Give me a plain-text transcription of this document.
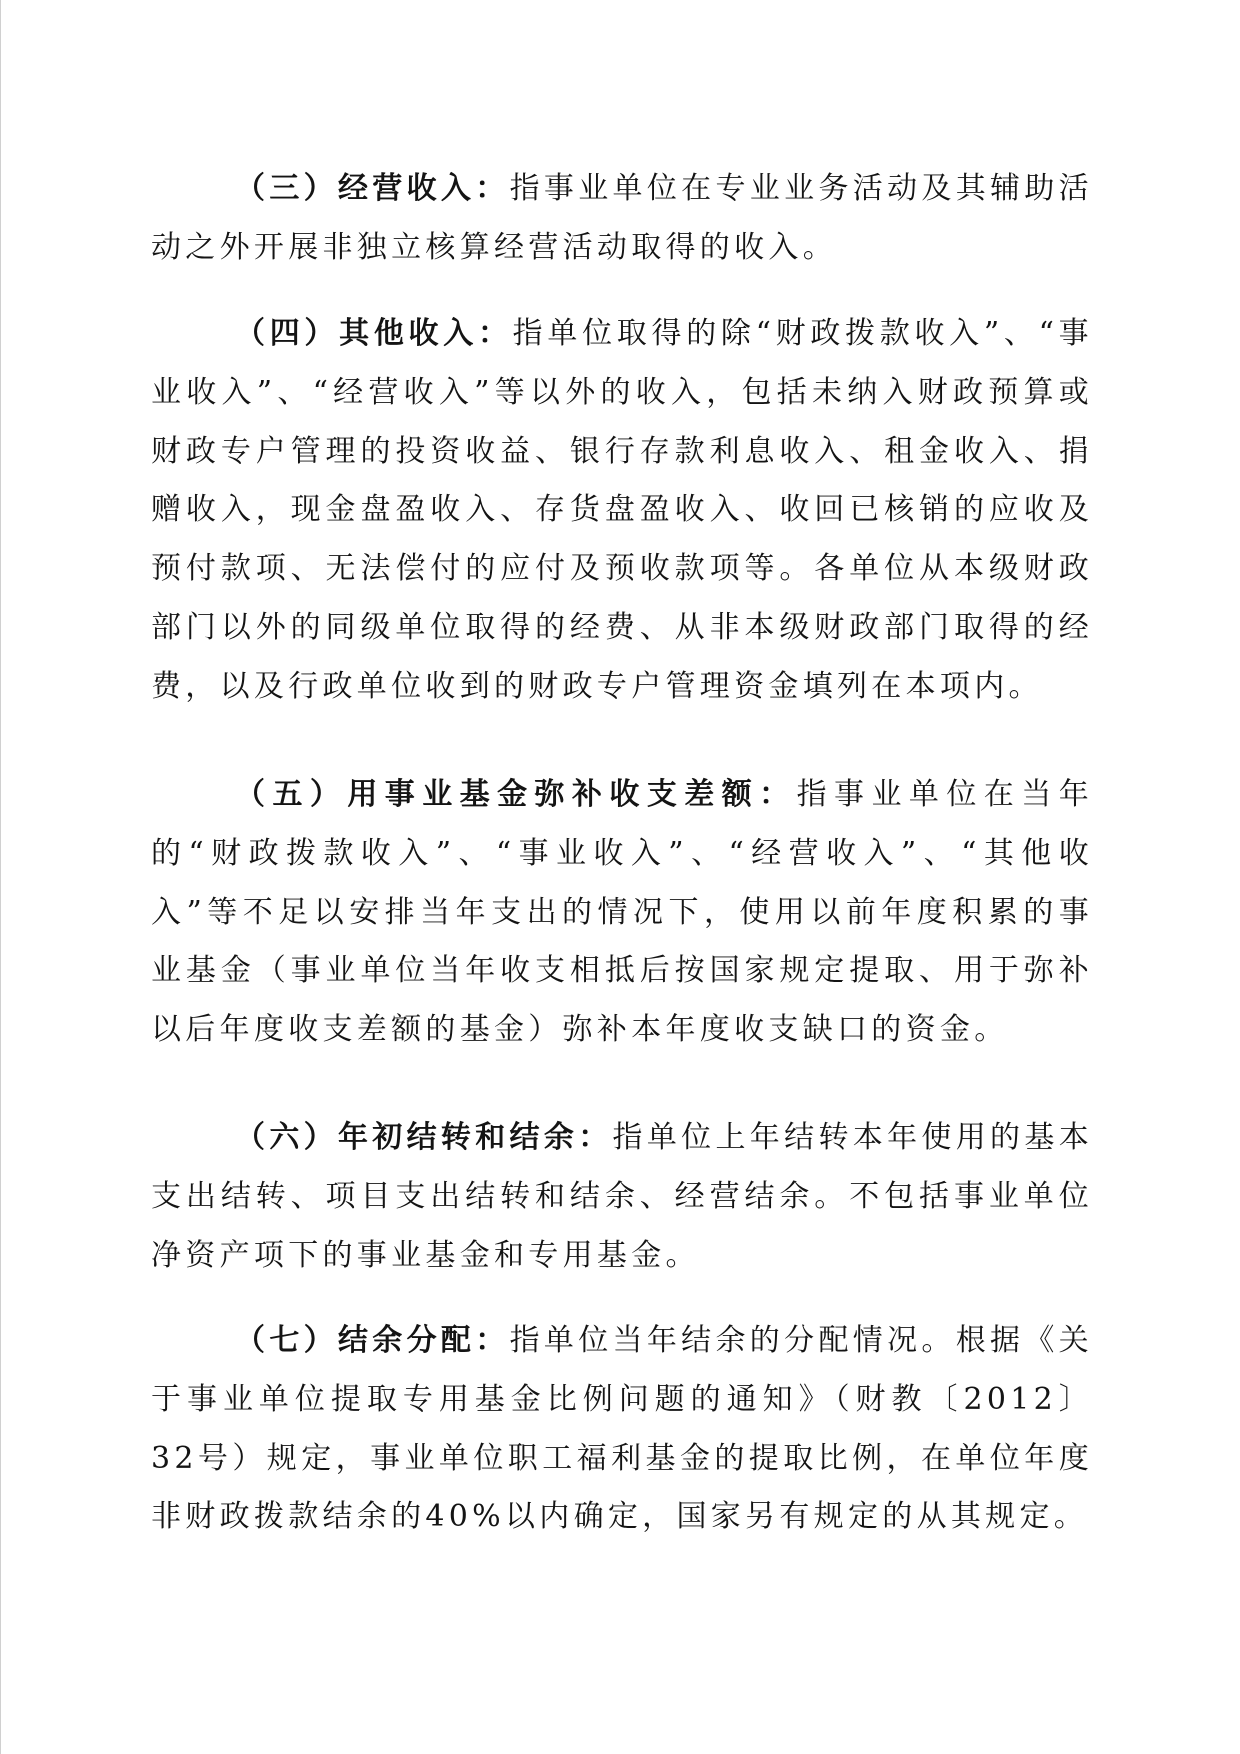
（三）经营收入：指事业单位在专业业务活动及其辅助活动之外开展非独立核算经营活动取得的收入。

（四）其他收入：指单位取得的除“财政拨款收入”、“事业收入”、“经营收入”等以外的收入，包括未纳入财政预算或财政专户管理的投资收益、银行存款利息收入、租金收入、捐赠收入，现金盘盈收入、存货盘盈收入、收回已核销的应收及预付款项、无法偿付的应付及预收款项等。各单位从本级财政部门以外的同级单位取得的经费、从非本级财政部门取得的经费，以及行政单位收到的财政专户管理资金填列在本项内。

（五）用事业基金弥补收支差额：指事业单位在当年的“财政拨款收入”、“事业收入”、“经营收入”、“其他收入”等不足以安排当年支出的情况下，使用以前年度积累的事业基金（事业单位当年收支相抵后按国家规定提取、用于弥补以后年度收支差额的基金）弥补本年度收支缺口的资金。

（六）年初结转和结余：指单位上年结转本年使用的基本支出结转、项目支出结转和结余、经营结余。不包括事业单位净资产项下的事业基金和专用基金。

（七）结余分配：指单位当年结余的分配情况。根据《关于事业单位提取专用基金比例问题的通知》（财教〔2012〕32号）规定，事业单位职工福利基金的提取比例，在单位年度非财政拨款结余的40%以内确定，国家另有规定的从其规定。
